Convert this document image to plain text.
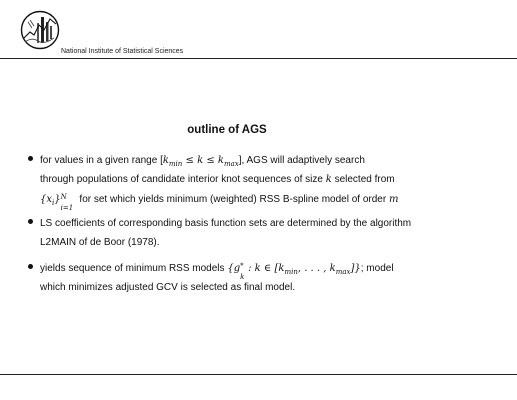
National Institute of Statistical Sciences
outline of AGS
for values in a given range $[k_{min} \le k \le k_{max}]$, AGS will adaptively search
through populations of candidate interior knot sequences of size k selected from
$\{x_i\}$ N
i=1
for set which yields minimum (weighted) RSS B-spline model of order m
LS coefficients of corresponding basis function sets are determined by the algorithm
L2MAIN of de Boor (1978).
yields sequence of minimum RSS models {g *
k
: k ∈ [$k_{min}$, . . . , $k_{max}$]}; model
which minimizes adjusted GCV is selected as final model.
